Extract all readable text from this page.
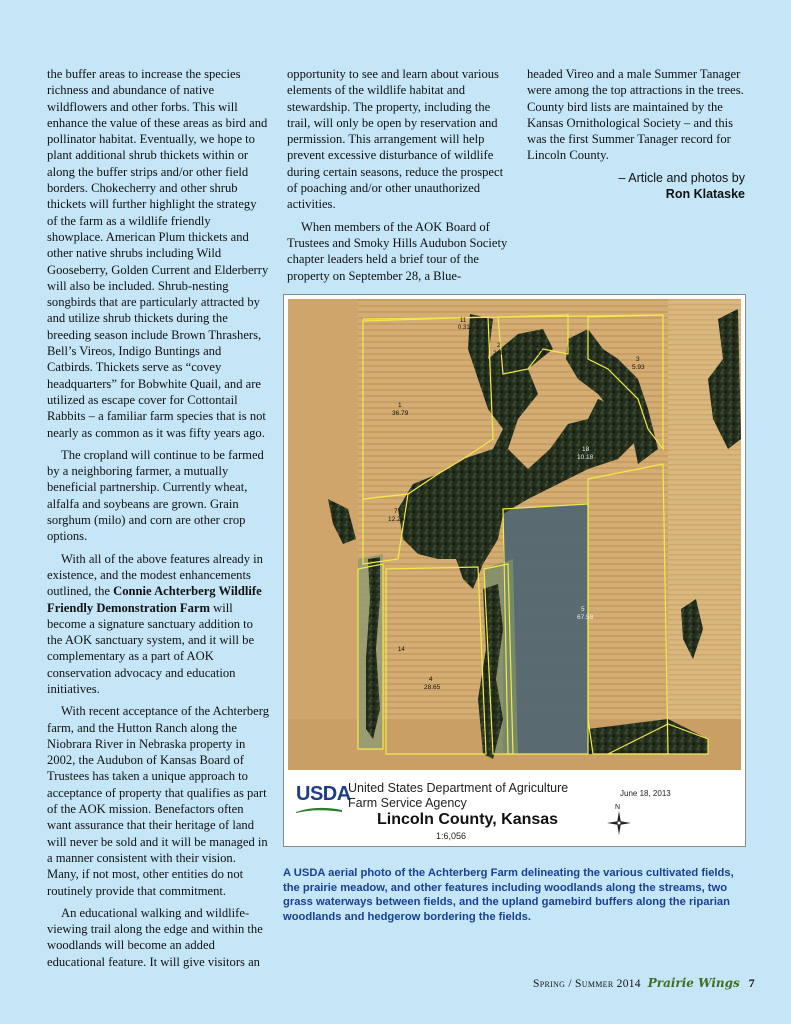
the buffer areas to increase the species richness and abundance of native wildflowers and other forbs. This will enhance the value of these areas as bird and pollinator habitat. Eventually, we hope to plant additional shrub thickets within or along the buffer strips and/or other field borders. Chokecherry and other shrub thickets will further highlight the strategy of the farm as a wildlife friendly showplace. American Plum thickets and other native shrubs including Wild Gooseberry, Golden Current and Elderberry will also be included. Shrub-nesting songbirds that are particularly attracted by and utilize shrub thickets during the breeding season include Brown Thrashers, Bell’s Vireos, Indigo Buntings and Catbirds. Thickets serve as “covey headquarters” for Bobwhite Quail, and are utilized as escape cover for Cottontail Rabbits – a familiar farm species that is not nearly as common as it was fifty years ago.

The cropland will continue to be farmed by a neighboring farmer, a mutually beneficial partnership. Currently wheat, alfalfa and soybeans are grown. Grain sorghum (milo) and corn are other crop options.

With all of the above features already in existence, and the modest enhancements outlined, the Connie Achterberg Wildlife Friendly Demonstration Farm will become a signature sanctuary addition to the AOK sanctuary system, and it will be complementary as a part of AOK conservation advocacy and education initiatives.

With recent acceptance of the Achterberg farm, and the Hutton Ranch along the Niobrara River in Nebraska property in 2002, the Audubon of Kansas Board of Trustees has taken a unique approach to acceptance of property that qualifies as part of the AOK mission. Benefactors often want assurance that their heritage of land will never be sold and it will be managed in a manner consistent with their vision. Many, if not most, other entities do not routinely provide that commitment.

An educational walking and wildlife-viewing trail along the edge and within the woodlands will become an added educational feature. It will give visitors an

opportunity to see and learn about various elements of the wildlife habitat and stewardship. The property, including the trail, will only be open by reservation and permission. This arrangement will help prevent excessive disturbance of wildlife during certain seasons, reduce the prospect of poaching and/or other unauthorized activities.

When members of the AOK Board of Trustees and Smoky Hills Audubon Society chapter leaders held a brief tour of the property on September 28, a Blue-

headed Vireo and a male Summer Tanager were among the top attractions in the trees. County bird lists are maintained by the Kansas Ornithological Society – and this was the first Summer Tanager record for Lincoln County.

– Article and photos by
Ron Klataske
1
36.79
2
2.49
3
5.93
4
28.65
5
67.58
7
12.26
10
8.74
11
0.31
14
18
10.18
USDA
United States Department of Agriculture
Farm Service Agency
June 18, 2013
Lincoln County, Kansas
1:6,056
N
A USDA aerial photo of the Achterberg Farm delineating the various cultivated fields, the prairie meadow, and other features including woodlands along the streams, two grass waterways between fields, and the upland gamebird buffers along the riparian woodlands and hedgerow bordering the fields.
Spring / Summer 2014 Prairie Wings 7
